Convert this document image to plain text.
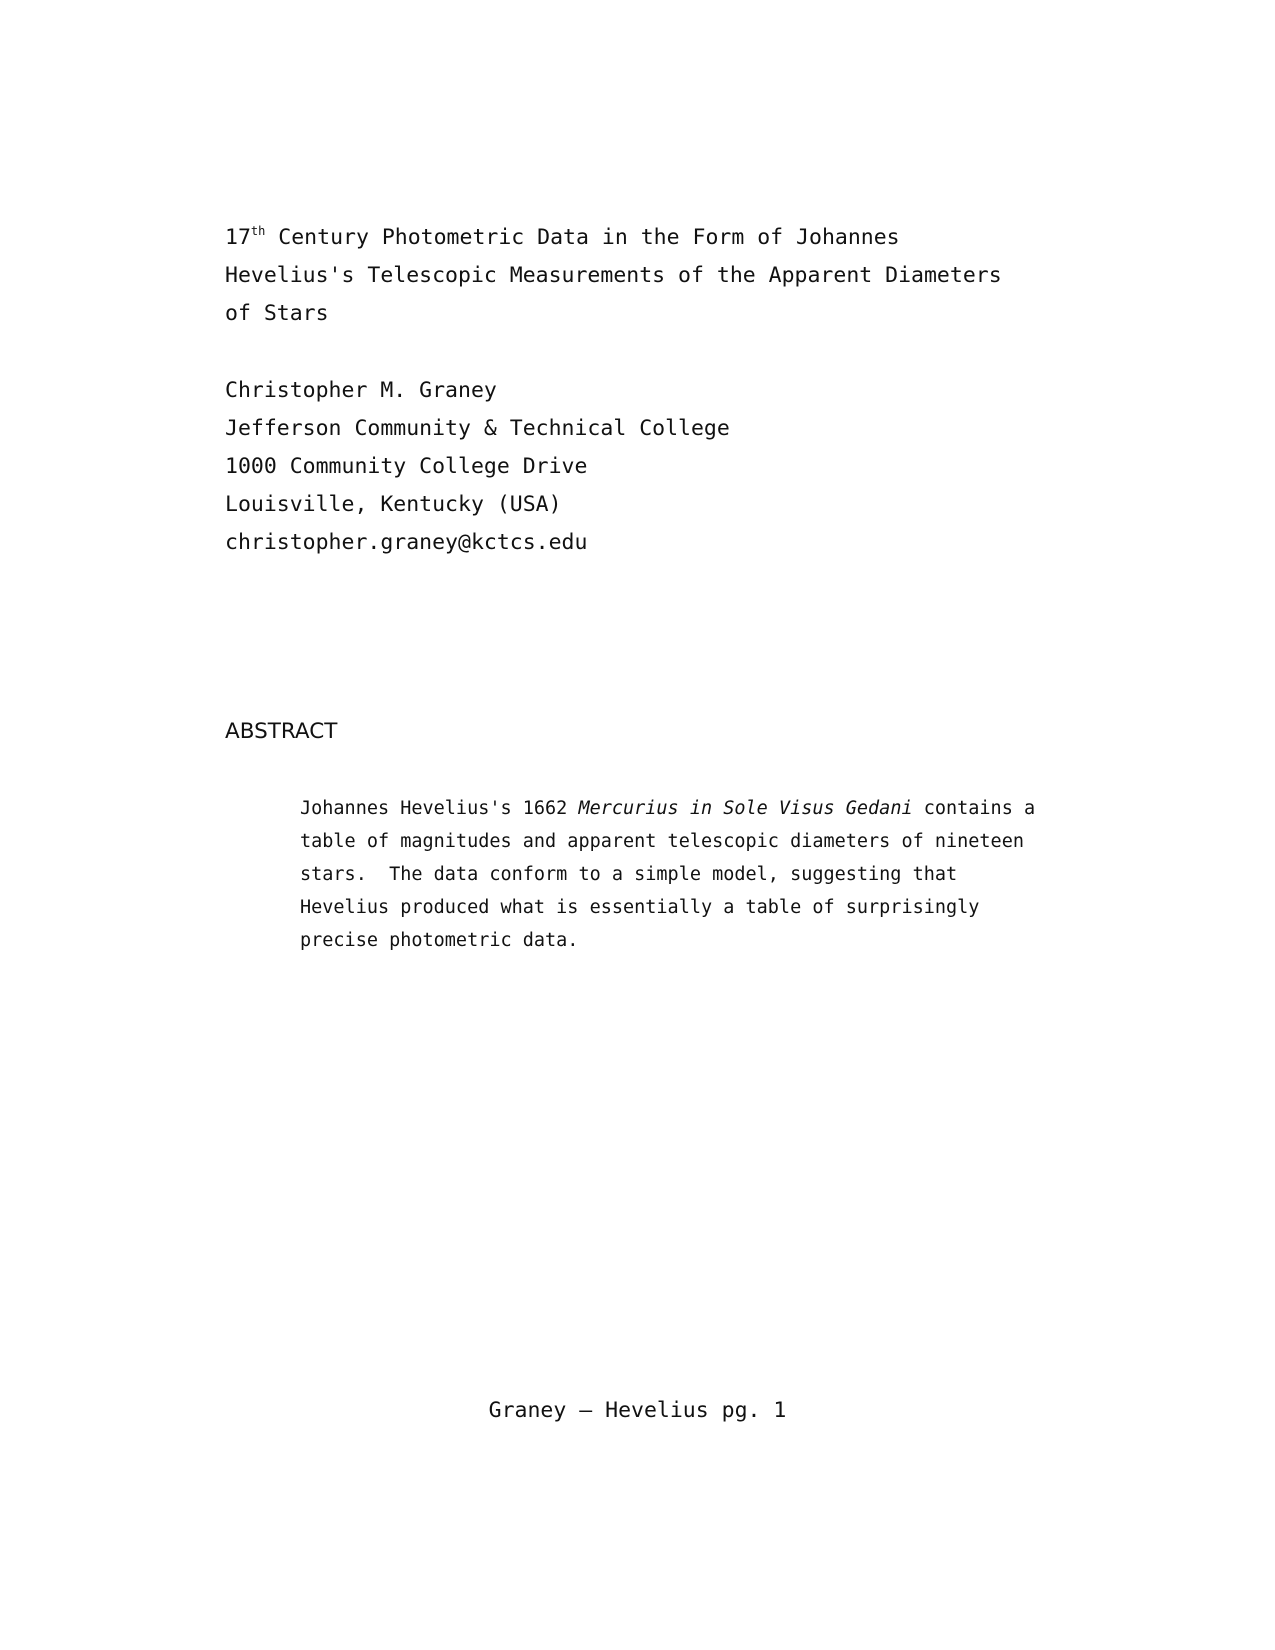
17th Century Photometric Data in the Form of Johannes
Hevelius's Telescopic Measurements of the Apparent Diameters
of Stars
Christopher M. Graney
Jefferson Community & Technical College
1000 Community College Drive
Louisville, Kentucky (USA)
christopher.graney@kctcs.edu
ABSTRACT
Johannes Hevelius's 1662 Mercurius in Sole Visus Gedani contains a
table of magnitudes and apparent telescopic diameters of nineteen
stars.  The data conform to a simple model, suggesting that
Hevelius produced what is essentially a table of surprisingly
precise photometric data.
Graney – Hevelius pg. 1
